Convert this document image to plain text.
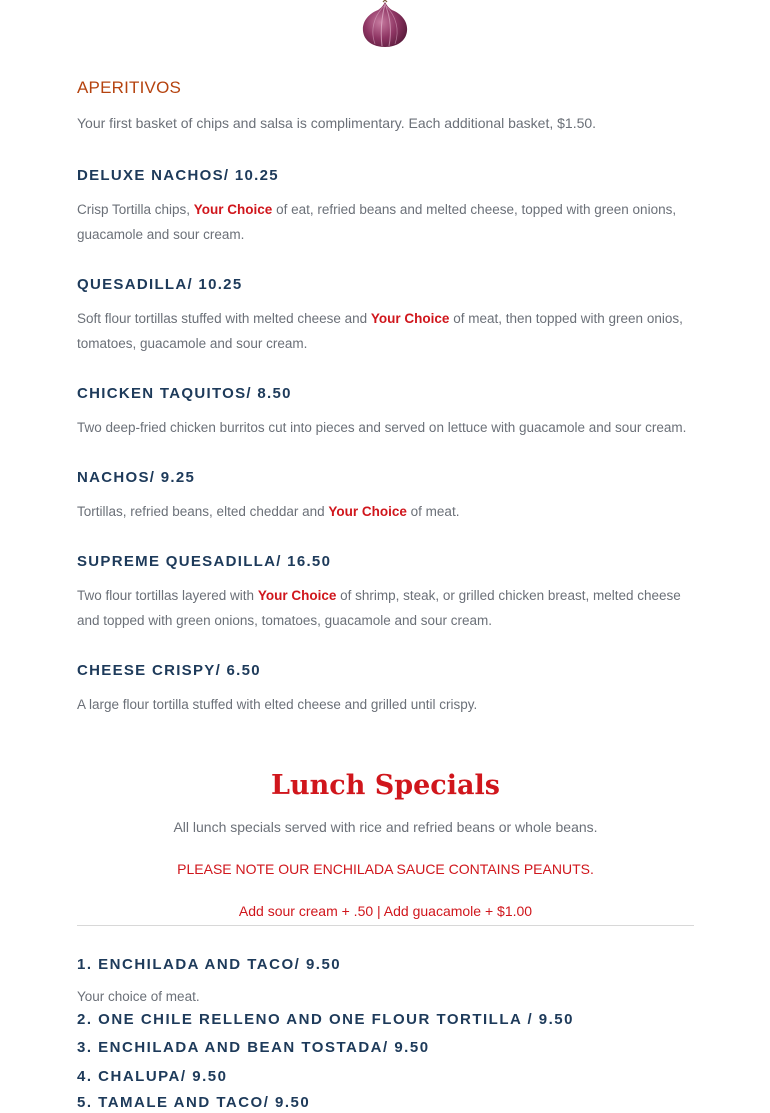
APERITIVOS

Your first basket of chips and salsa is complimentary. Each additional basket, $1.50.

DELUXE NACHOS/ 10.25

Crisp Tortilla chips, Your Choice of eat, refried beans and melted cheese, topped with green onions, guacamole and sour cream.

QUESADILLA/ 10.25

Soft flour tortillas stuffed with melted cheese and Your Choice of meat, then topped with green onios, tomatoes, guacamole and sour cream.

CHICKEN TAQUITOS/ 8.50

Two deep-fried chicken burritos cut into pieces and served on lettuce with guacamole and sour cream.

NACHOS/ 9.25

Tortillas, refried beans, elted cheddar and Your Choice of meat.

SUPREME QUESADILLA/ 16.50

Two flour tortillas layered with Your Choice of shrimp, steak, or grilled chicken breast, melted cheese and topped with green onions, tomatoes, guacamole and sour cream.

CHEESE CRISPY/ 6.50

A large flour tortilla stuffed with elted cheese and grilled until crispy.

Lunch Specials

All lunch specials served with rice and refried beans or whole beans.

PLEASE NOTE OUR ENCHILADA SAUCE CONTAINS PEANUTS.

Add sour cream + .50 | Add guacamole + $1.00

1. ENCHILADA AND TACO/ 9.50

Your choice of meat.

2. ONE CHILE RELLENO AND ONE FLOUR TORTILLA / 9.50

3. ENCHILADA AND BEAN TOSTADA/ 9.50

4. CHALUPA/ 9.50

5. TAMALE AND TACO/ 9.50
